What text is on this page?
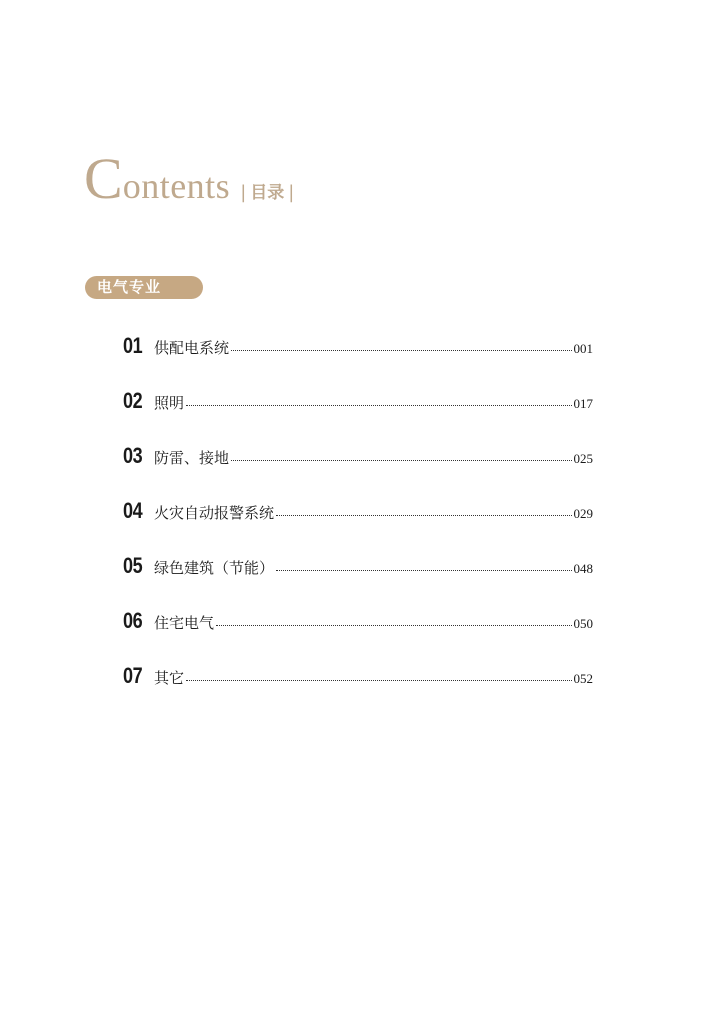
C ontents | 目录 |
电气专业
01 供配电系统	001
02 照明	017
03 防雷、接地	025
04 火灾自动报警系统	029
05 绿色建筑（节能）	048
06 住宅电气	050
07 其它	052
